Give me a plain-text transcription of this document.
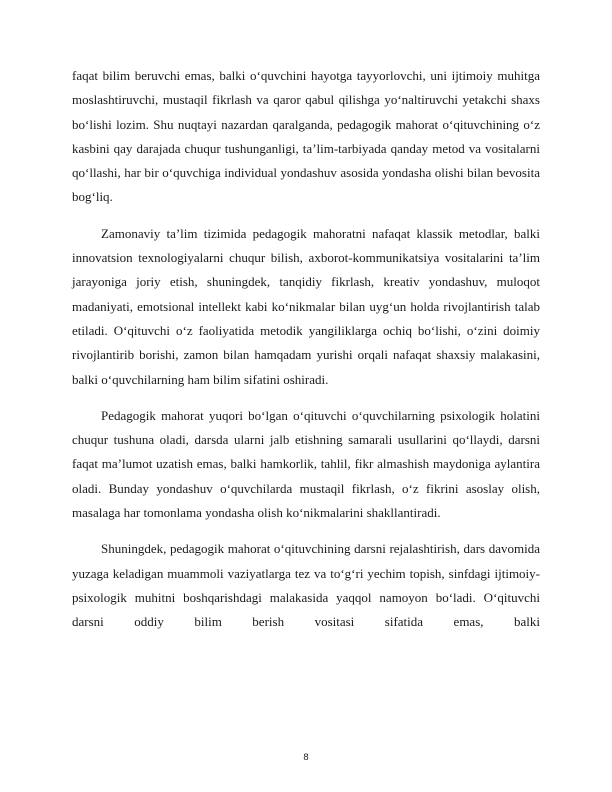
faqat bilim beruvchi emas, balki o‘quvchini hayotga tayyorlovchi, uni ijtimoiy muhitga moslashtiruvchi, mustaqil fikrlash va qaror qabul qilishga yo‘naltiruvchi yetakchi shaxs bo‘lishi lozim. Shu nuqtayi nazardan qaralganda, pedagogik mahorat o‘qituvchining o‘z kasbini qay darajada chuqur tushunganligi, ta’lim-tarbiyada qanday metod va vositalarni qo‘llashi, har bir o‘quvchiga individual yondashuv asosida yondasha olishi bilan bevosita bog‘liq.

Zamonaviy ta’lim tizimida pedagogik mahoratni nafaqat klassik metodlar, balki innovatsion texnologiyalarni chuqur bilish, axborot-kommunikatsiya vositalarini ta’lim jarayoniga joriy etish, shuningdek, tanqidiy fikrlash, kreativ yondashuv, muloqot madaniyati, emotsional intellekt kabi ko‘nikmalar bilan uyg‘un holda rivojlantirish talab etiladi. O‘qituvchi o‘z faoliyatida metodik yangiliklarga ochiq bo‘lishi, o‘zini doimiy rivojlantirib borishi, zamon bilan hamqadam yurishi orqali nafaqat shaxsiy malakasini, balki o‘quvchilarning ham bilim sifatini oshiradi.

Pedagogik mahorat yuqori bo‘lgan o‘qituvchi o‘quvchilarning psixologik holatini chuqur tushuna oladi, darsda ularni jalb etishning samarali usullarini qo‘llaydi, darsni faqat ma’lumot uzatish emas, balki hamkorlik, tahlil, fikr almashish maydoniga aylantira oladi. Bunday yondashuv o‘quvchilarda mustaqil fikrlash, o‘z fikrini asoslay olish, masalaga har tomonlama yondasha olish ko‘nikmalarini shakllantiradi.

Shuningdek, pedagogik mahorat o‘qituvchining darsni rejalashtirish, dars davomida yuzaga keladigan muammoli vaziyatlarga tez va to‘g‘ri yechim topish, sinfdagi ijtimoiy-psixologik muhitni boshqarishdagi malakasida yaqqol namoyon bo‘ladi. O‘qituvchi darsni oddiy bilim berish vositasi sifatida emas, balki

8
